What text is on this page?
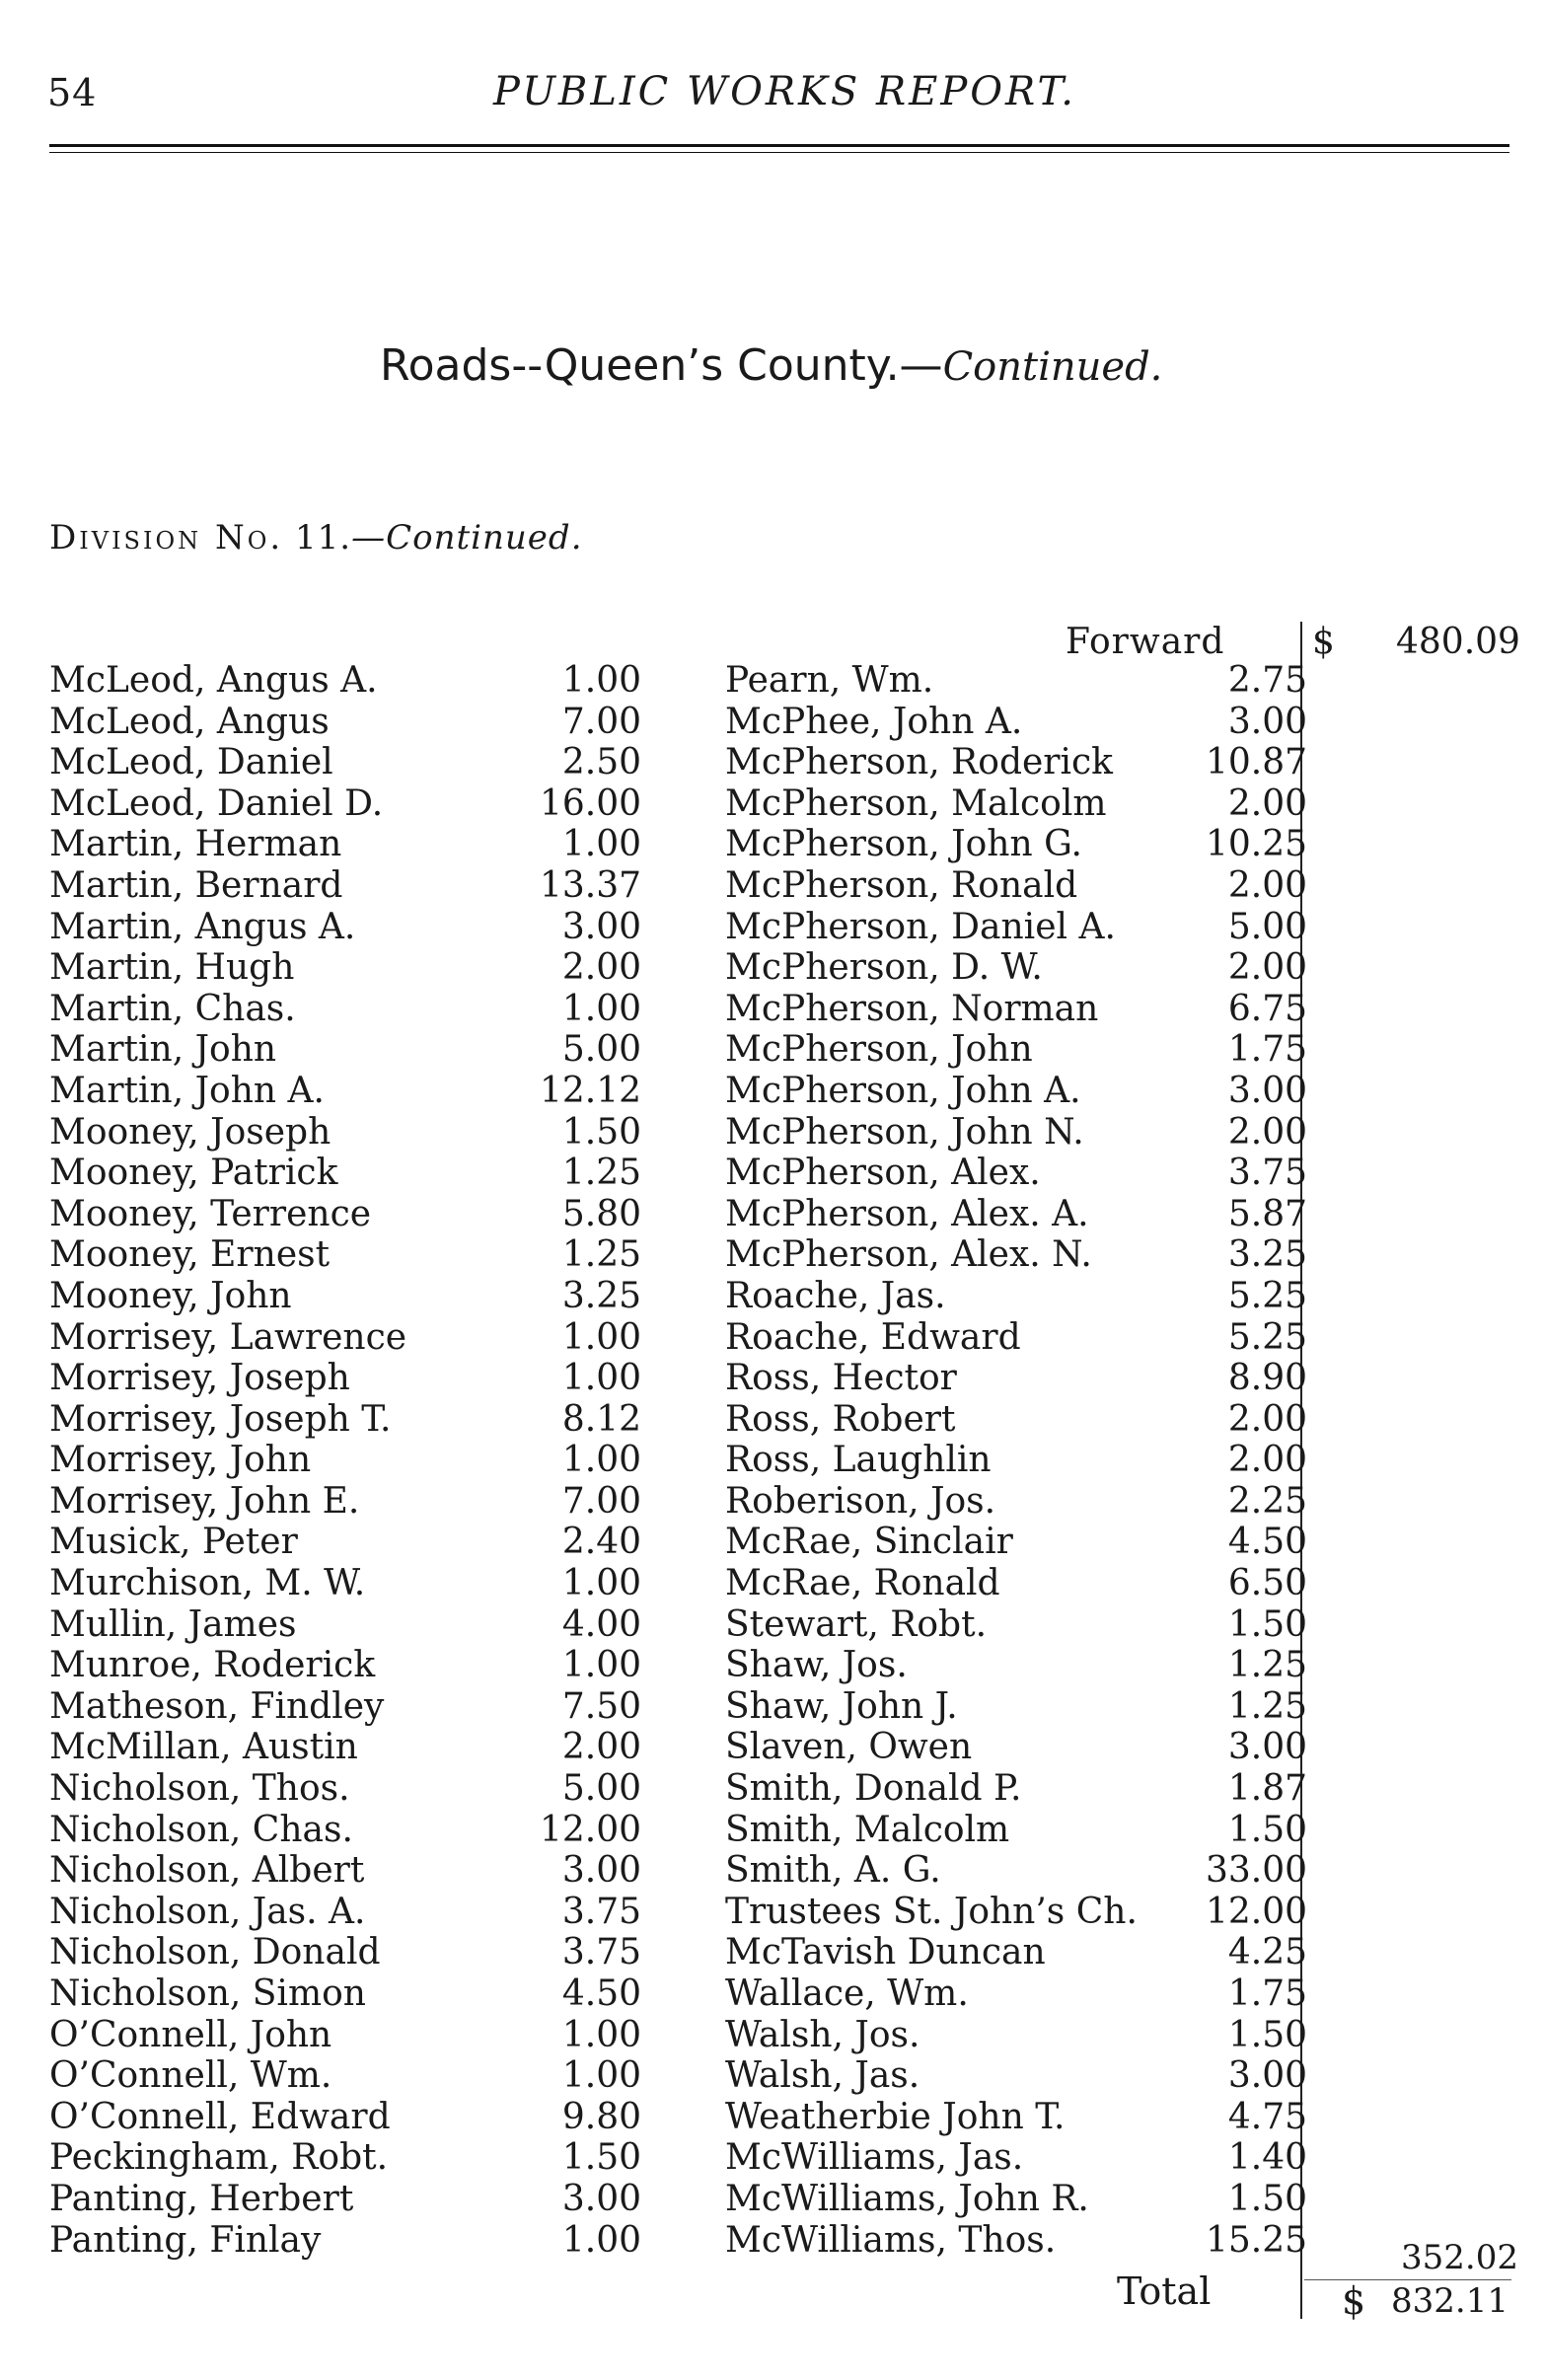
54	PUBLIC WORKS REPORT.
Roads--Queen’s County.—Continued.
Division No. 11.—Continued.
Forward $ 480.09
McLeod, Angus A.	1.00
McLeod, Angus	7.00
McLeod, Daniel	2.50
McLeod, Daniel D.	16.00
Martin, Herman	1.00
Martin, Bernard	13.37
Martin, Angus A.	3.00
Martin, Hugh	2.00
Martin, Chas.	1.00
Martin, John	5.00
Martin, John A.	12.12
Mooney, Joseph	1.50
Mooney, Patrick	1.25
Mooney, Terrence	5.80
Mooney, Ernest	1.25
Mooney, John	3.25
Morrisey, Lawrence	1.00
Morrisey, Joseph	1.00
Morrisey, Joseph T.	8.12
Morrisey, John	1.00
Morrisey, John E.	7.00
Musick, Peter	2.40
Murchison, M. W.	1.00
Mullin, James	4.00
Munroe, Roderick	1.00
Matheson, Findley	7.50
McMillan, Austin	2.00
Nicholson, Thos.	5.00
Nicholson, Chas.	12.00
Nicholson, Albert	3.00
Nicholson, Jas. A.	3.75
Nicholson, Donald	3.75
Nicholson, Simon	4.50
O’Connell, John	1.00
O’Connell, Wm.	1.00
O’Connell, Edward	9.80
Peckingham, Robt.	1.50
Panting, Herbert	3.00
Panting, Finlay	1.00
Pearn, Wm.	2.75
McPhee, John A.	3.00
McPherson, Roderick	10.87
McPherson, Malcolm	2.00
McPherson, John G.	10.25
McPherson, Ronald	2.00
McPherson, Daniel A.	5.00
McPherson, D. W.	2.00
McPherson, Norman	6.75
McPherson, John	1.75
McPherson, John A.	3.00
McPherson, John N.	2.00
McPherson, Alex.	3.75
McPherson, Alex. A.	5.87
McPherson, Alex. N.	3.25
Roache, Jas.	5.25
Roache, Edward	5.25
Ross, Hector	8.90
Ross, Robert	2.00
Ross, Laughlin	2.00
Roberison, Jos.	2.25
McRae, Sinclair	4.50
McRae, Ronald	6.50
Stewart, Robt.	1.50
Shaw, Jos.	1.25
Shaw, John J.	1.25
Slaven, Owen	3.00
Smith, Donald P.	1.87
Smith, Malcolm	1.50
Smith, A. G.	33.00
Trustees St. John’s Ch. 12.00
McTavish Duncan	4.25
Wallace, Wm.	1.75
Walsh, Jos.	1.50
Walsh, Jas.	3.00
Weatherbie John T.	4.75
McWilliams, Jas.	1.40
McWilliams, John R.	1.50
McWilliams, Thos.	15.25	352.02
Total	$ 832.11
